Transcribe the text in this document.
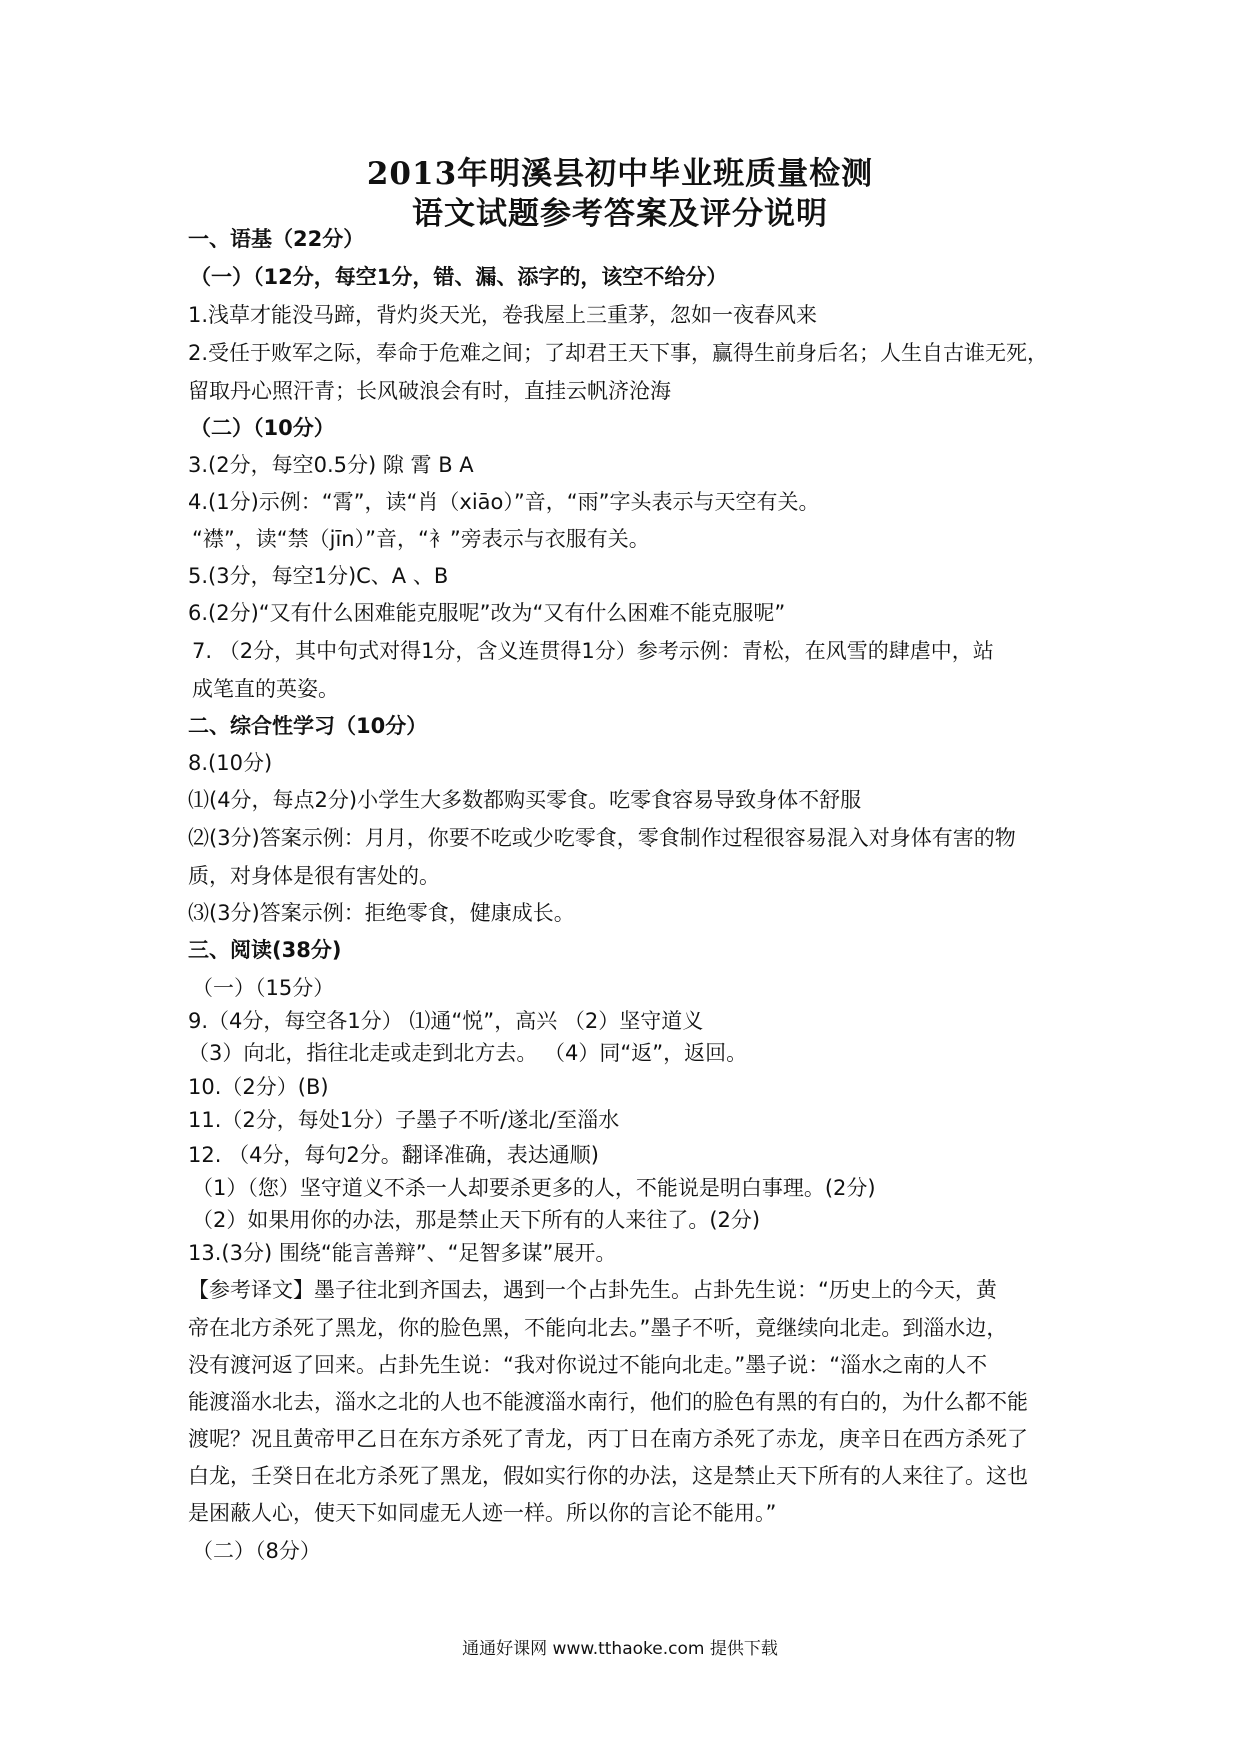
2013年明溪县初中毕业班质量检测
语文试题参考答案及评分说明
一、语基（22分）
（一）（12分，每空1分，错、漏、添字的，该空不给分）
1.浅草才能没马蹄，背灼炎天光，卷我屋上三重茅，忽如一夜春风来
2.受任于败军之际，奉命于危难之间；了却君王天下事，赢得生前身后名；人生自古谁无死，
留取丹心照汗青；长风破浪会有时，直挂云帆济沧海
（二）（10分）
3.(2分，每空0.5分) 隙 霄 B A
4.(1分)示例：“霄”，读“肖（xiāo）”音，“雨”字头表示与天空有关。
“襟”，读“禁（jīn）”音，“衤”旁表示与衣服有关。
5.(3分，每空1分)C、A 、B
6.(2分)“又有什么困难能克服呢”改为“又有什么困难不能克服呢”
7. （2分，其中句式对得1分，含义连贯得1分）参考示例：青松，在风雪的肆虐中，站
成笔直的英姿。
二、综合性学习（10分）
8.(10分)
⑴(4分，每点2分)小学生大多数都购买零食。吃零食容易导致身体不舒服
⑵(3分)答案示例：月月，你要不吃或少吃零食，零食制作过程很容易混入对身体有害的物
质，对身体是很有害处的。
⑶(3分)答案示例：拒绝零食，健康成长。
三、阅读(38分)
（一）（15分）
9.（4分，每空各1分） ⑴通“悦”，高兴 （2）坚守道义
（3）向北，指往北走或走到北方去。 （4）同“返”，返回。
10.（2分）(B)
11.（2分，每处1分）子墨子不听/遂北/至淄水
12. （4分，每句2分。翻译准确，表达通顺)
（1）（您）坚守道义不杀一人却要杀更多的人，不能说是明白事理。(2分)
（2）如果用你的办法，那是禁止天下所有的人来往了。(2分)
13.(3分) 围绕“能言善辩”、“足智多谋”展开。
【参考译文】墨子往北到齐国去，遇到一个占卦先生。占卦先生说：“历史上的今天，黄
帝在北方杀死了黑龙，你的脸色黑，不能向北去。”墨子不听，竟继续向北走。到淄水边，
没有渡河返了回来。占卦先生说：“我对你说过不能向北走。”墨子说：“淄水之南的人不
能渡淄水北去，淄水之北的人也不能渡淄水南行，他们的脸色有黑的有白的，为什么都不能
渡呢？况且黄帝甲乙日在东方杀死了青龙，丙丁日在南方杀死了赤龙，庚辛日在西方杀死了
白龙，壬癸日在北方杀死了黑龙，假如实行你的办法，这是禁止天下所有的人来往了。这也
是困蔽人心，使天下如同虚无人迹一样。所以你的言论不能用。”
（二）（8分）
通通好课网 www.tthaoke.com 提供下载
